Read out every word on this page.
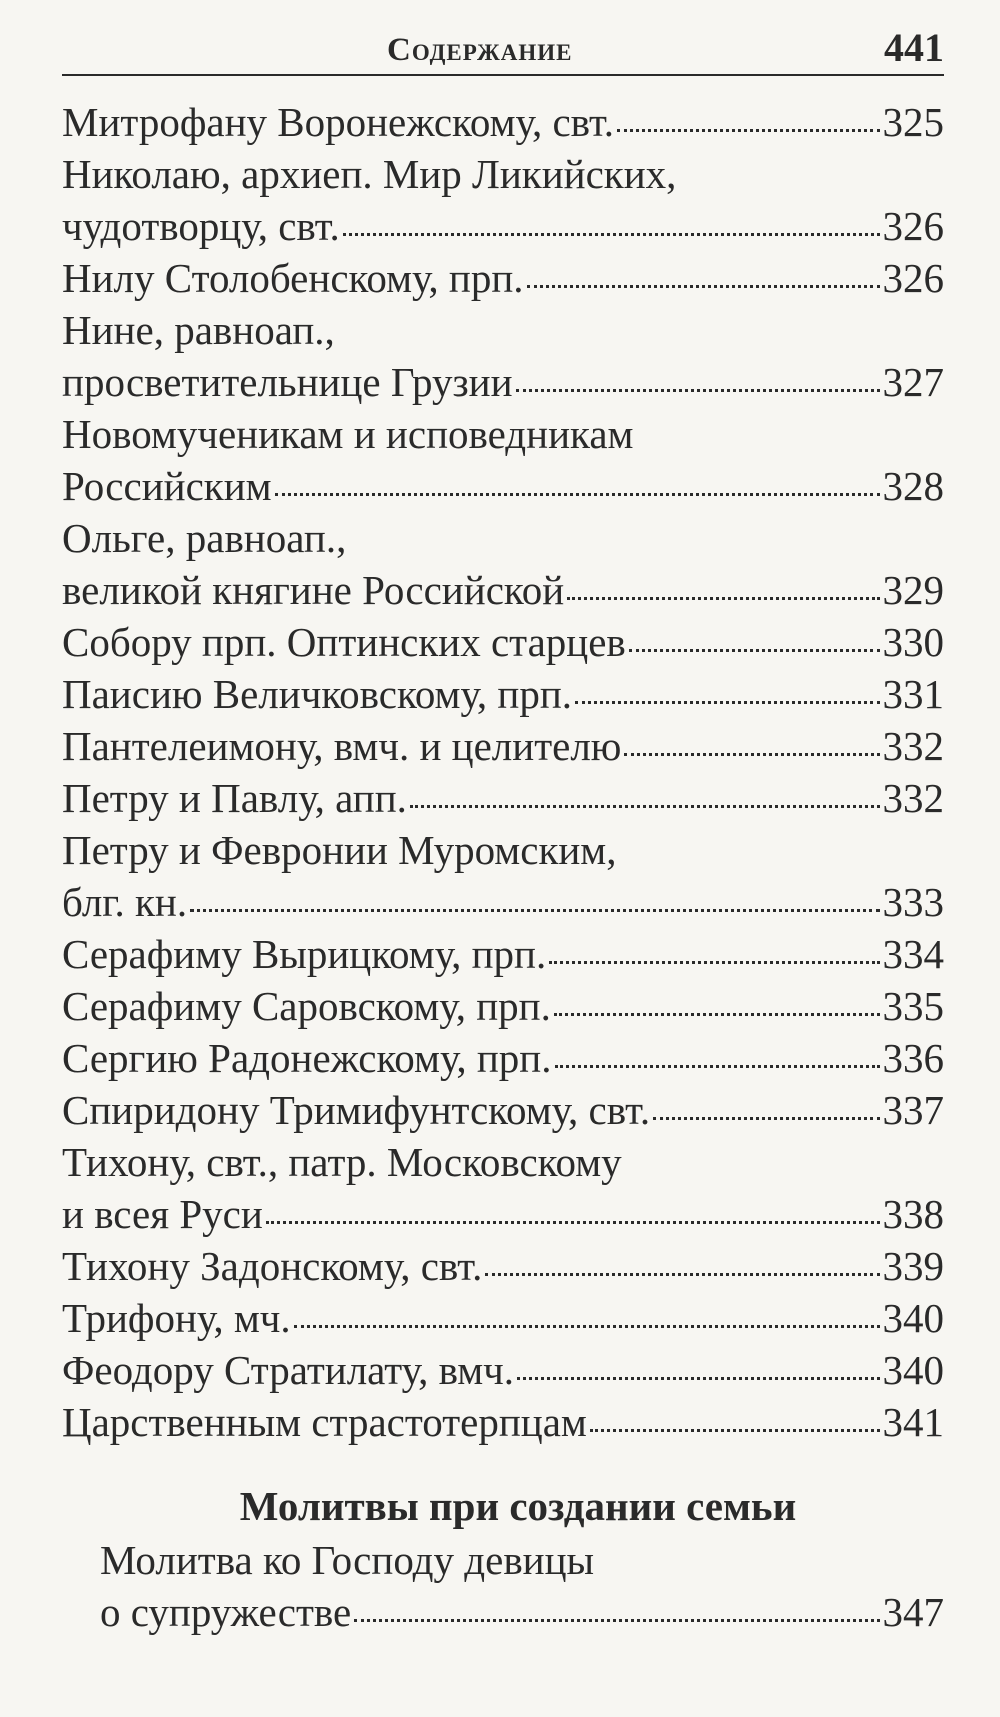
Содержание	441
Митрофану Воронежскому, свт.	325
Николаю, архиеп. Мир Ликийских,
чудотворцу, свт.	326
Нилу Столобенскому, прп.	326
Нине, равноап.,
просветительнице Грузии	327
Новомученикам и исповедникам
Российским	328
Ольге, равноап.,
великой княгине Российской	329
Собору прп. Оптинских старцев	330
Паисию Величковскому, прп.	331
Пантелеимону, вмч. и целителю	332
Петру и Павлу, апп.	332
Петру и Февронии Муромским,
блг. кн.	333
Серафиму Вырицкому, прп.	334
Серафиму Саровскому, прп.	335
Сергию Радонежскому, прп.	336
Спиридону Тримифунтскому, свт.	337
Тихону, свт., патр. Московскому
и всея Руси	338
Тихону Задонскому, свт.	339
Трифону, мч.	340
Феодору Стратилату, вмч.	340
Царственным страстотерпцам	341
Молитвы при создании семьи
Молитва ко Господу девицы
о супружестве	347
